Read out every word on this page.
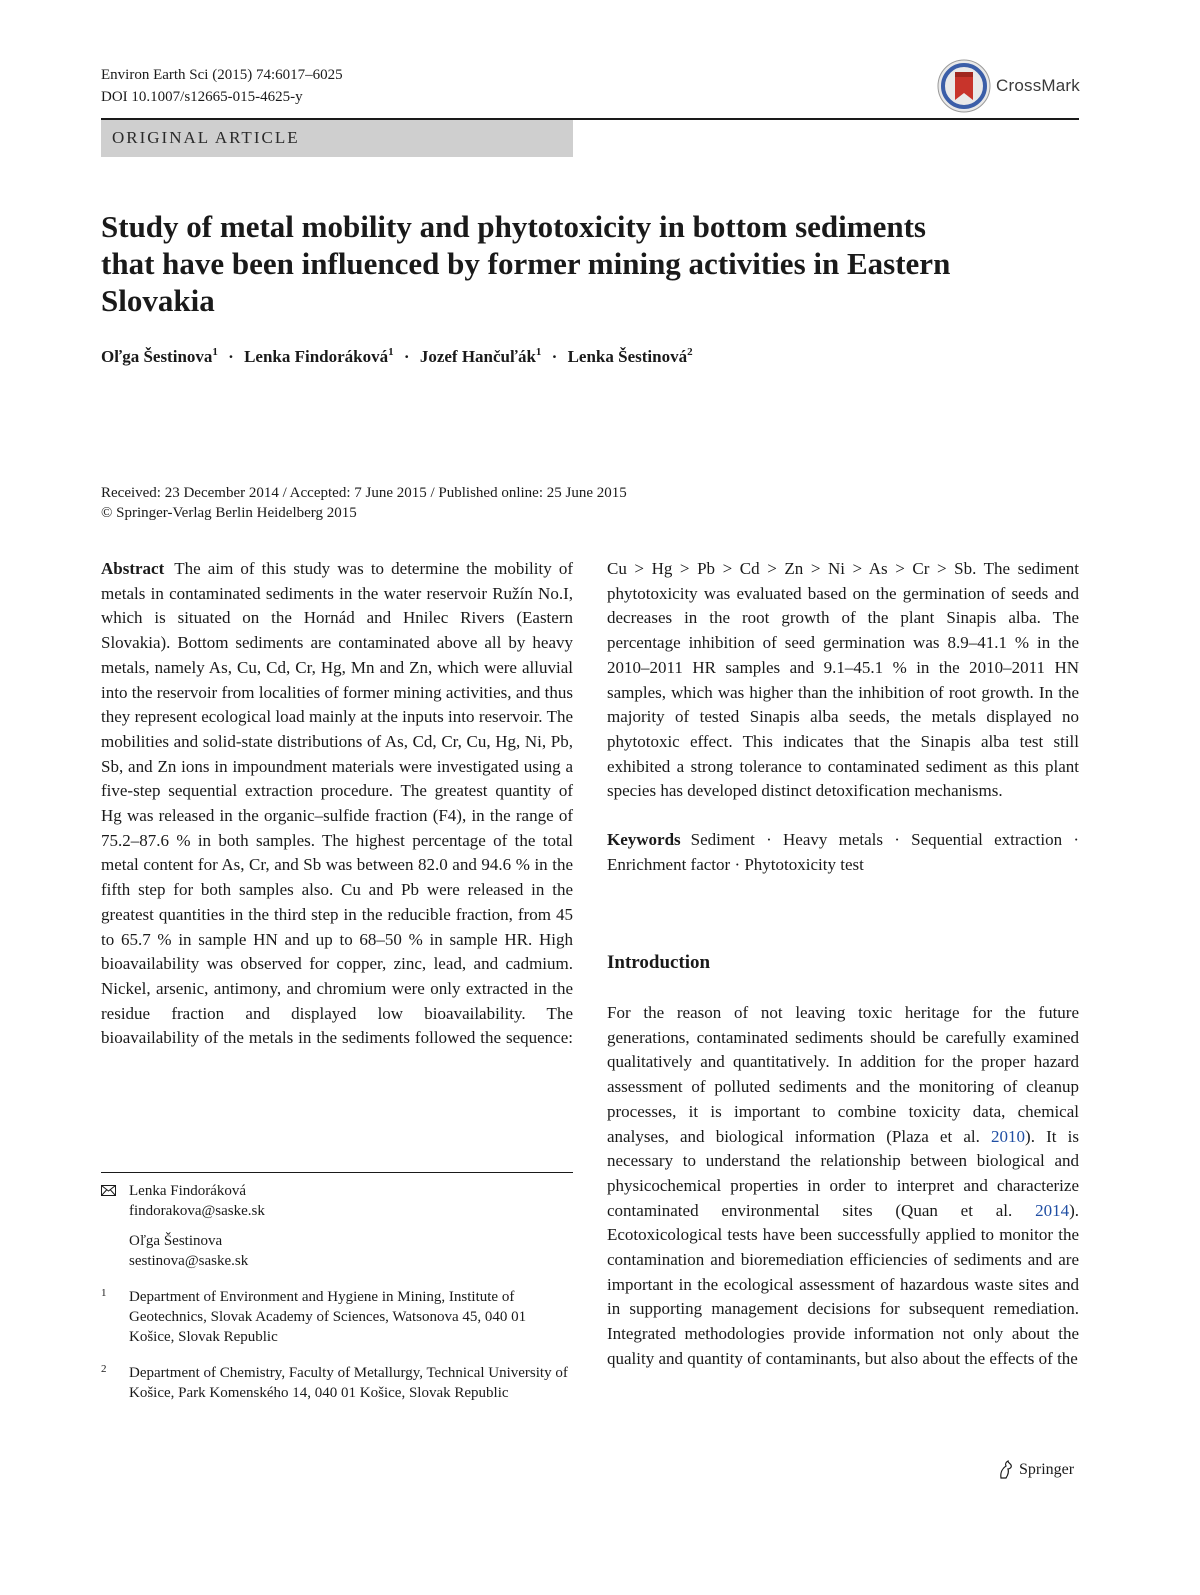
Environ Earth Sci (2015) 74:6017–6025
DOI 10.1007/s12665-015-4625-y
CrossMark
ORIGINAL ARTICLE
Study of metal mobility and phytotoxicity in bottom sediments
that have been influenced by former mining activities in Eastern
Slovakia
Oľga Šestinova$^1$ · Lenka Findoráková$^1$ · Jozef Hančuľák$^1$ · Lenka Šestinová$^2$
Received: 23 December 2014 / Accepted: 7 June 2015 / Published online: 25 June 2015
© Springer-Verlag Berlin Heidelberg 2015

Abstract The aim of this study was to determine the mobility of metals in contaminated sediments in the water reservoir Ružín No.I, which is situated on the Hornád and Hnilec Rivers (Eastern Slovakia). Bottom sediments are contaminated above all by heavy metals, namely As, Cu, Cd, Cr, Hg, Mn and Zn, which were alluvial into the reservoir from localities of former mining activities, and thus they represent ecological load mainly at the inputs into reservoir. The mobilities and solid-state distributions of As, Cd, Cr, Cu, Hg, Ni, Pb, Sb, and Zn ions in impoundment materials were investigated using a five-step sequential extraction procedure. The greatest quantity of Hg was released in the organic–sulfide fraction (F4), in the range of 75.2–87.6 % in both samples. The highest percentage of the total metal content for As, Cr, and Sb was between 82.0 and 94.6 % in the fifth step for both samples also. Cu and Pb were released in the greatest quantities in the third step in the reducible fraction, from 45 to 65.7 % in sample HN and up to 68–50 % in sample HR. High bioavailability was observed for copper, zinc, lead, and cadmium. Nickel, arsenic, antimony, and chromium were only extracted in the residue fraction and displayed low bioavailability. The bioavailability of the metals in the sediments followed the sequence:

Cu > Hg > Pb > Cd > Zn > Ni > As > Cr > Sb. The sediment phytotoxicity was evaluated based on the germination of seeds and decreases in the root growth of the plant Sinapis alba. The percentage inhibition of seed germination was 8.9–41.1 % in the 2010–2011 HR samples and 9.1–45.1 % in the 2010–2011 HN samples, which was higher than the inhibition of root growth. In the majority of tested Sinapis alba seeds, the metals displayed no phytotoxic effect. This indicates that the Sinapis alba test still exhibited a strong tolerance to contaminated sediment as this plant species has developed distinct detoxification mechanisms.

Keywords Sediment · Heavy metals · Sequential extraction · Enrichment factor · Phytotoxicity test

Introduction
For the reason of not leaving toxic heritage for the future generations, contaminated sediments should be carefully examined qualitatively and quantitatively. In addition for the proper hazard assessment of polluted sediments and the monitoring of cleanup processes, it is important to combine toxicity data, chemical analyses, and biological information (Plaza et al. 2010). It is necessary to understand the relationship between biological and physicochemical properties in order to interpret and characterize contaminated environmental sites (Quan et al. 2014). Ecotoxicological tests have been successfully applied to monitor the contamination and bioremediation efficiencies of sediments and are important in the ecological assessment of hazardous waste sites and in supporting management decisions for subsequent remediation. Integrated methodologies provide information not only about the quality and quantity of contaminants, but also about the effects of the
Lenka Findoráková
findorakova@saske.sk
Oľga Šestinova
sestinova@saske.sk
1 Department of Environment and Hygiene in Mining, Institute of Geotechnics, Slovak Academy of Sciences, Watsonova 45, 040 01 Košice, Slovak Republic
2 Department of Chemistry, Faculty of Metallurgy, Technical University of Košice, Park Komenského 14, 040 01 Košice, Slovak Republic
Springer
